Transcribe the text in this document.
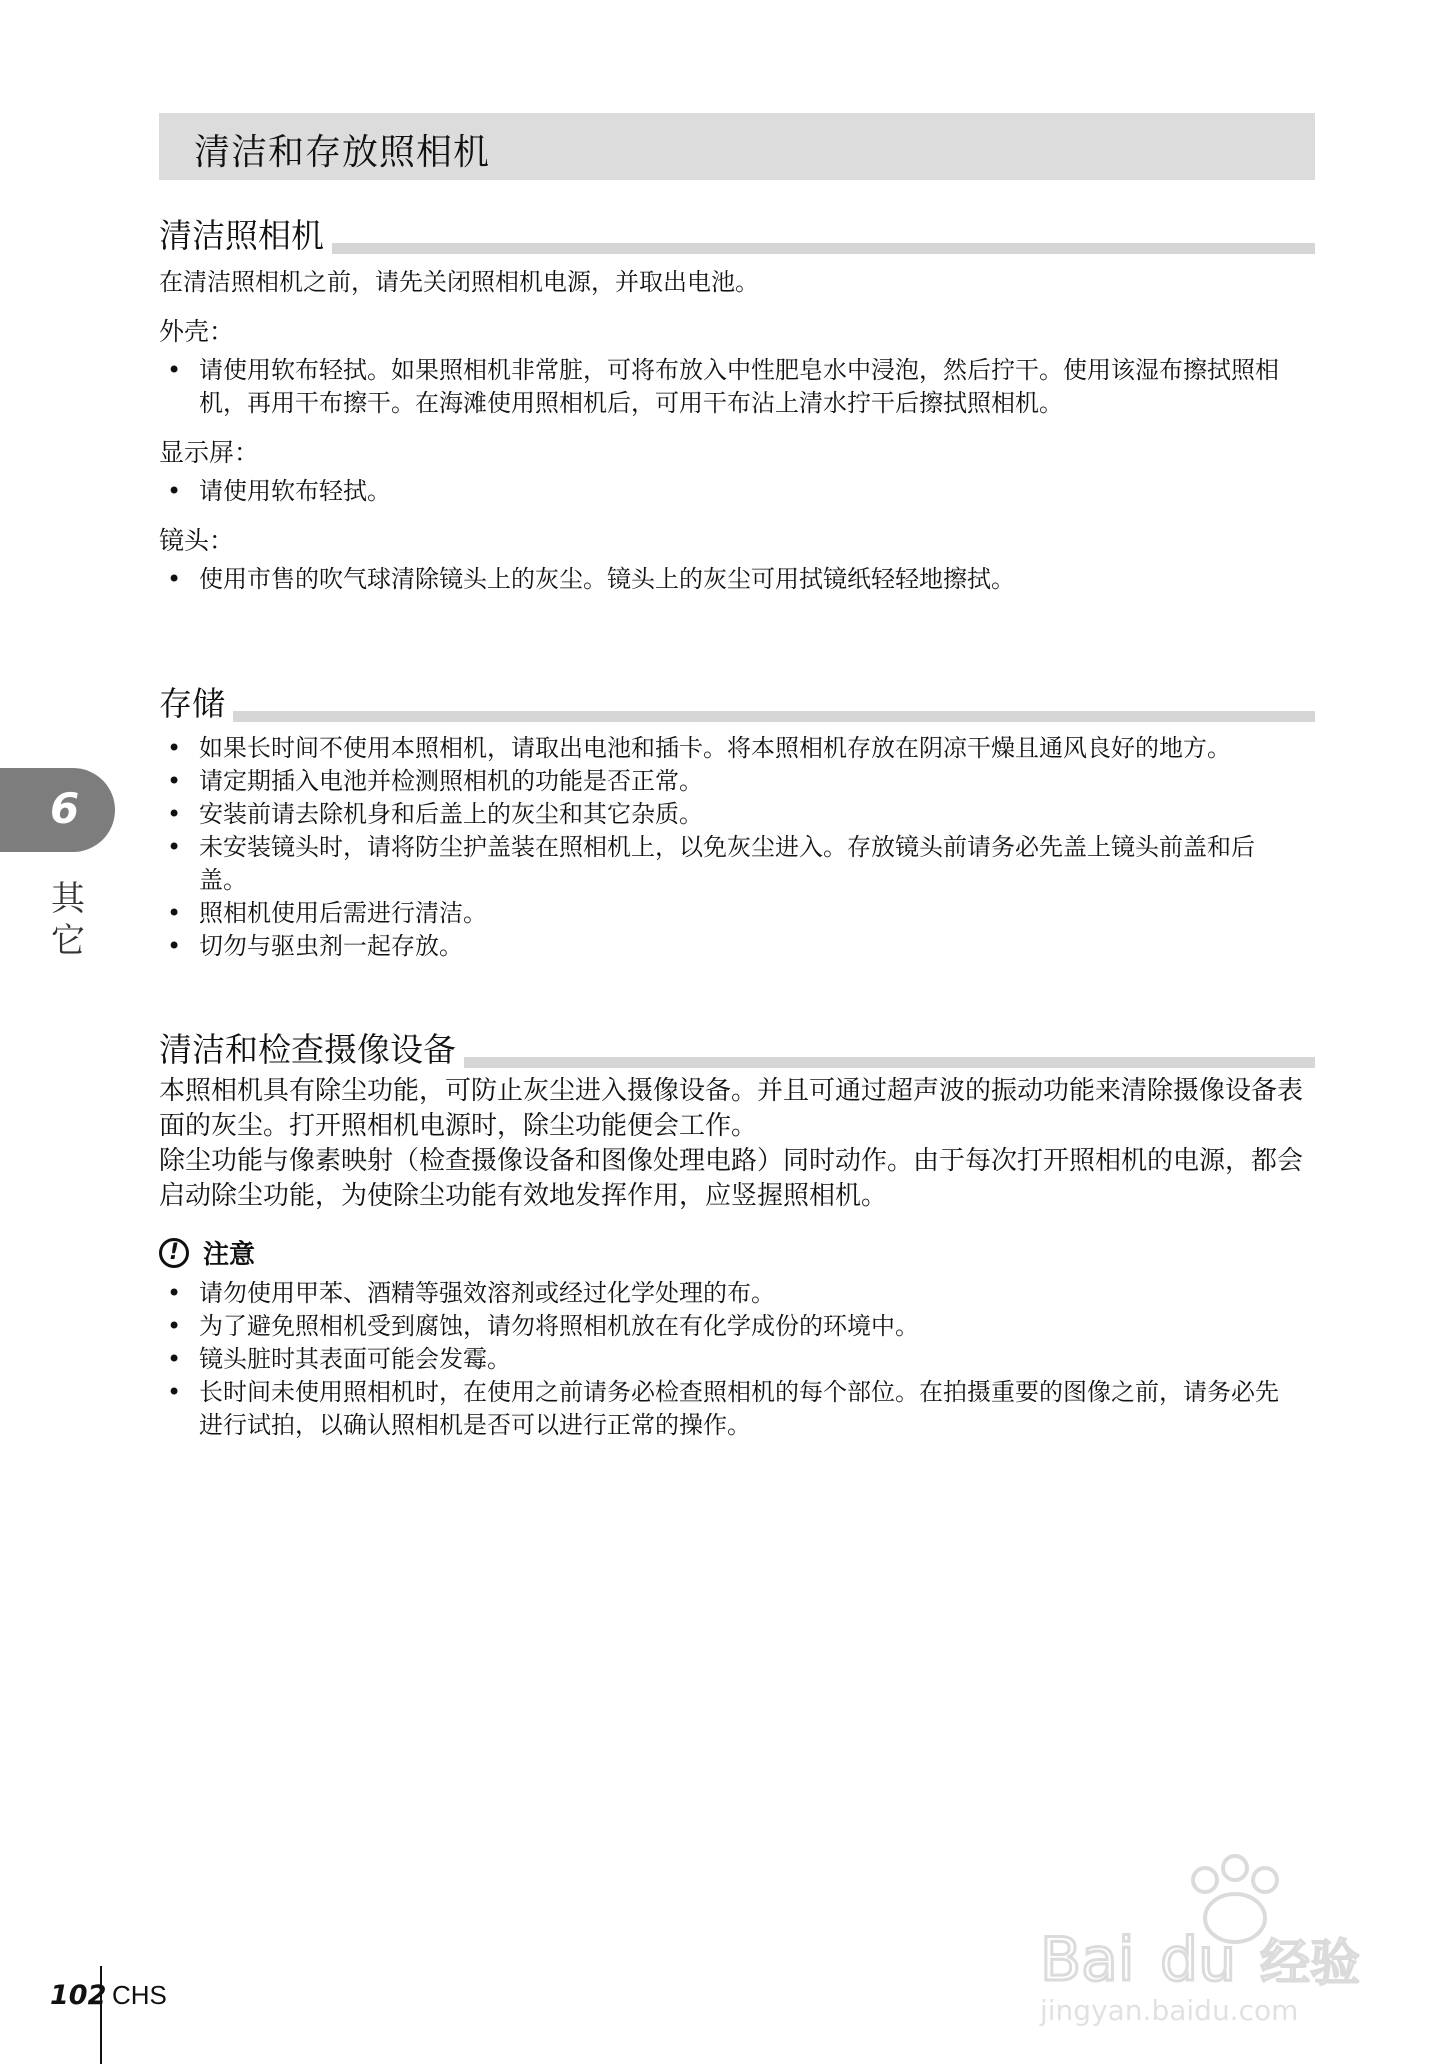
清洁和存放照相机
清洁照相机

在清洁照相机之前，请先关闭照相机电源，并取出电池。

外壳：
• 请使用软布轻拭。如果照相机非常脏，可将布放入中性肥皂水中浸泡，然后拧干。使用该湿布擦拭照相机，再用干布擦干。在海滩使用照相机后，可用干布沾上清水拧干后擦拭照相机。
显示屏：
• 请使用软布轻拭。
镜头：
• 使用市售的吹气球清除镜头上的灰尘。镜头上的灰尘可用拭镜纸轻轻地擦拭。
存储
• 如果长时间不使用本照相机，请取出电池和插卡。将本照相机存放在阴凉干燥且通风良好的地方。
• 请定期插入电池并检测照相机的功能是否正常。
• 安装前请去除机身和后盖上的灰尘和其它杂质。
• 未安装镜头时，请将防尘护盖装在照相机上，以免灰尘进入。存放镜头前请务必先盖上镜头前盖和后盖。
• 照相机使用后需进行清洁。
• 切勿与驱虫剂一起存放。
清洁和检查摄像设备

本照相机具有除尘功能，可防止灰尘进入摄像设备。并且可通过超声波的振动功能来清除摄像设备表面的灰尘。打开照相机电源时，除尘功能便会工作。

除尘功能与像素映射（检查摄像设备和图像处理电路）同时动作。由于每次打开照相机的电源，都会启动除尘功能，为使除尘功能有效地发挥作用，应竖握照相机。

! 注意
• 请勿使用甲苯、酒精等强效溶剂或经过化学处理的布。
• 为了避免照相机受到腐蚀，请勿将照相机放在有化学成份的环境中。
• 镜头脏时其表面可能会发霉。
• 长时间未使用照相机时，在使用之前请务必检查照相机的每个部位。在拍摄重要的图像之前，请务必先进行试拍，以确认照相机是否可以进行正常的操作。
6
其它
102 CHS	Bai du 经验
jingyan.baidu.com
